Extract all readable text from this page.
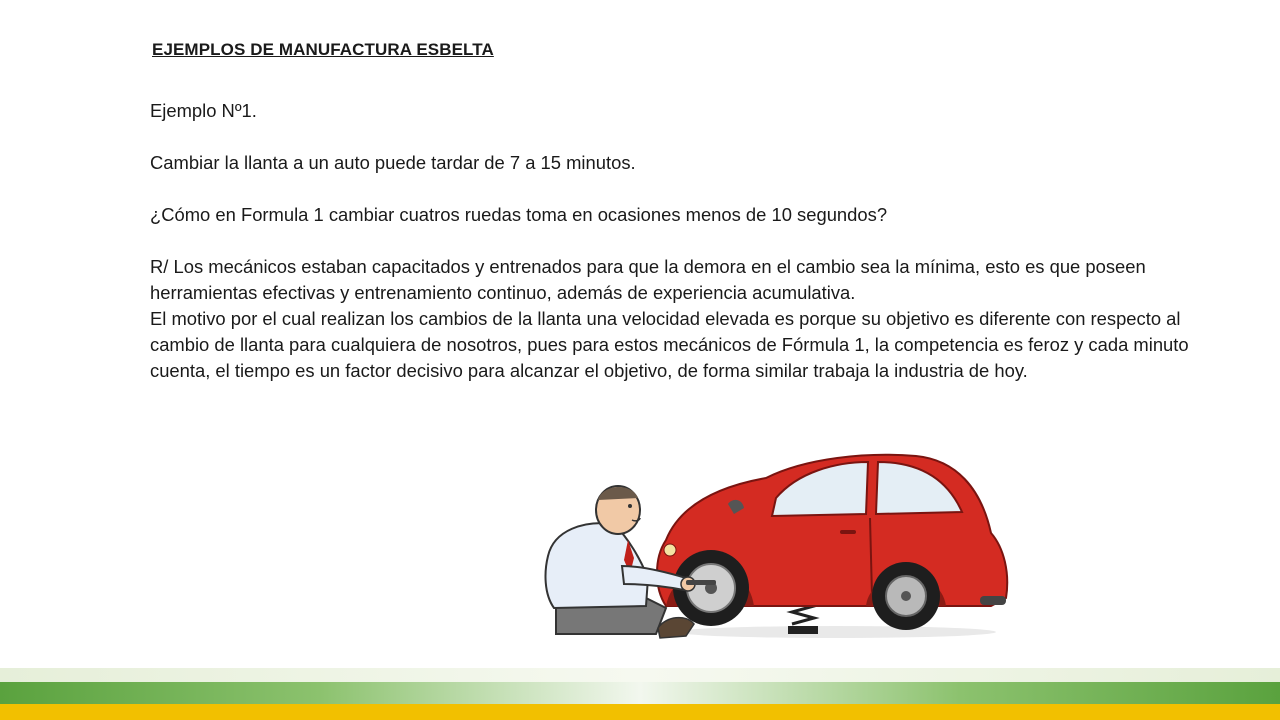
EJEMPLOS DE MANUFACTURA ESBELTA

Ejemplo Nº1.

Cambiar la llanta a un auto puede tardar de 7 a 15 minutos.

¿Cómo en Formula 1 cambiar cuatros ruedas toma en ocasiones menos de 10 segundos?

R/ Los mecánicos estaban capacitados y entrenados para que la demora en el cambio sea la mínima, esto es que poseen herramientas efectivas y entrenamiento continuo, además de experiencia acumulativa.

El motivo por el cual realizan los cambios de la llanta una velocidad elevada es porque su objetivo es diferente con respecto al cambio de llanta para cualquiera de nosotros, pues para estos mecánicos de Fórmula 1, la competencia es feroz y cada minuto cuenta, el tiempo es un factor decisivo para alcanzar el objetivo, de forma similar trabaja la industria de hoy.
